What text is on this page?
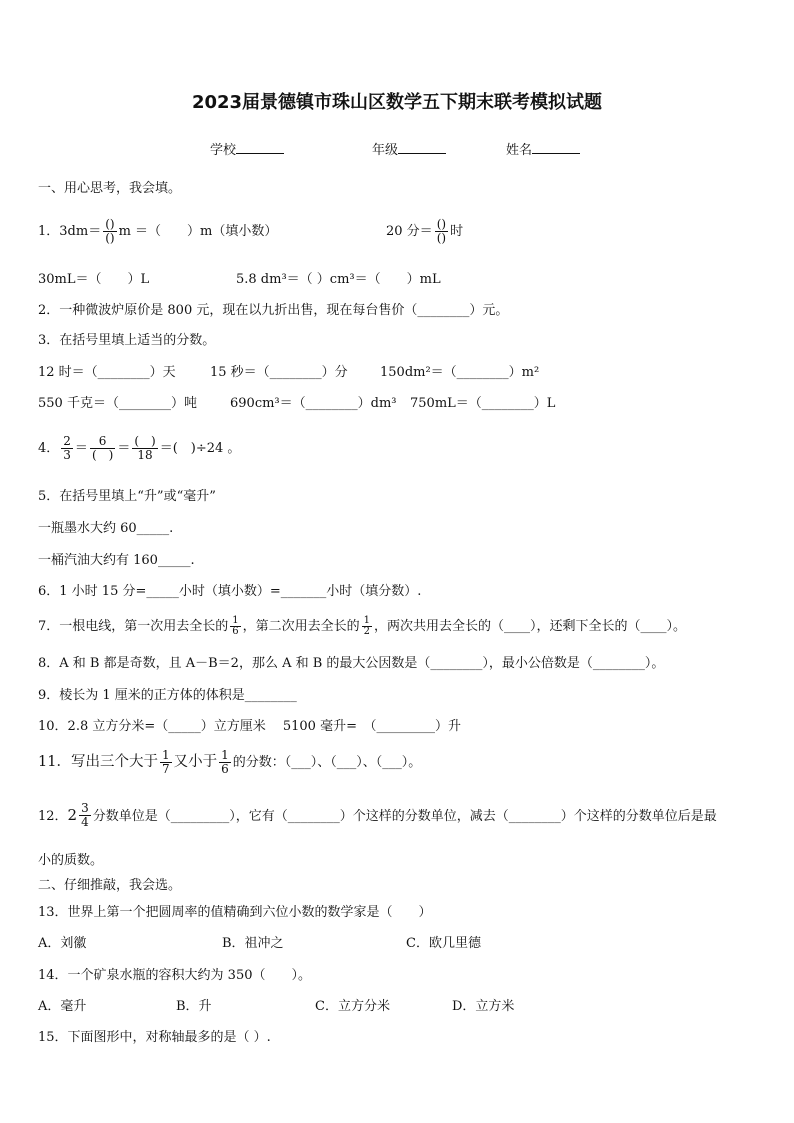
2023届景德镇市珠山区数学五下期末联考模拟试题
学校	年级	姓名
一、用心思考，我会填。
1．3dm＝ ()
() m ＝（　　）m（填小数）	20 分＝ ()
() 时
30mL＝（　　）L	5.8 dm³＝（ ）cm³＝（　　）mL
2．一种微波炉原价是 800 元，现在以九折出售，现在每台售价（________）元。
3．在括号里填上适当的分数。
12 时＝（________）天	15 秒＝（________）分 150dm²＝（________）m²
550 千克＝（________）吨	690cm³＝（________）dm³ 750mL＝（________）L
4． $\frac{2}{3} = 6$
(　) ＝ (　)
18 ＝(　)÷24 。
5．在括号里填上“升”或“毫升”
一瓶墨水大约 60_____.
一桶汽油大约有 160_____.
6．1 小时 15 分=_____小时（填小数）=_______小时（填分数）.
7．一根电线，第一次用去全长的 $\frac{1}{6}$ ，第二次用去全长的 $\frac{1}{2}$ ，两次共用去全长的（____），还剩下全长的（____）。
8．A 和 B 都是奇数，且 A－B＝2，那么 A 和 B 的最大公因数是（________），最小公倍数是（________）。
9．棱长为 1 厘米的正方体的体积是________
10．2.8 立方分米=（_____）立方厘米　 5100 毫升=　（_________）升
11．写出三个大于 $\frac{1}{7}$ 又小于 $\frac{1}{6}$ 的分数：（___）、（___）、（___）。
12． 2 3
4 分数单位是（_________），它有（________）个这样的分数单位，减去（________）个这样的分数单位后是最
小的质数。
二、仔细推敲，我会选。
13．世界上第一个把圆周率的值精确到六位小数的数学家是（　　）
A．刘徽	B．祖冲之	C．欧几里德
14．一个矿泉水瓶的容积大约为 350（　　）。
A．毫升	B．升	C．立方分米	D．立方米
15．下面图形中，对称轴最多的是（ ）.
